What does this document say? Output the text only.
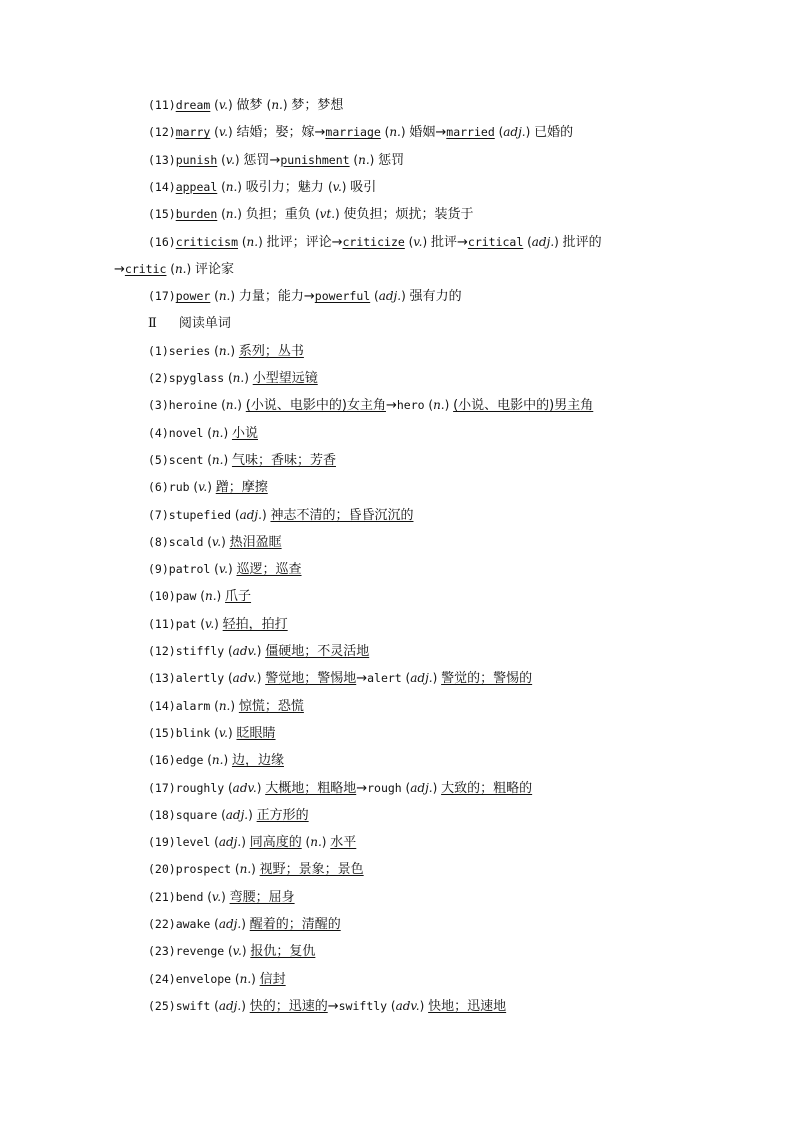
(11)dream (v.) 做梦 (n.) 梦；梦想
(12)marry (v.) 结婚；娶；嫁→marriage (n.) 婚姻→married (adj.) 已婚的
(13)punish (v.) 惩罚→punishment (n.) 惩罚
(14)appeal (n.) 吸引力；魅力 (v.) 吸引
(15)burden (n.) 负担；重负 (vt.) 使负担；烦扰；装货于
(16)criticism (n.) 批评；评论→criticize (v.) 批评→critical (adj.) 批评的
→critic (n.) 评论家
(17)power (n.) 力量；能力→powerful (adj.) 强有力的
Ⅱ 阅读单词
(1)series (n.) 系列；丛书
(2)spyglass (n.) 小型望远镜
(3)heroine (n.) (小说、电影中的)女主角→hero (n.) (小说、电影中的)男主角
(4)novel (n.) 小说
(5)scent (n.) 气味；香味；芳香
(6)rub (v.) 蹭；摩擦
(7)stupefied (adj.) 神志不清的；昏昏沉沉的
(8)scald (v.) 热泪盈眶
(9)patrol (v.) 巡逻；巡查
(10)paw (n.) 爪子
(11)pat (v.) 轻拍，拍打
(12)stiffly (adv.) 僵硬地；不灵活地
(13)alertly (adv.) 警觉地；警惕地→alert (adj.) 警觉的；警惕的
(14)alarm (n.) 惊慌；恐慌
(15)blink (v.) 眨眼睛
(16)edge (n.) 边，边缘
(17)roughly (adv.) 大概地；粗略地→rough (adj.) 大致的；粗略的
(18)square (adj.) 正方形的
(19)level (adj.) 同高度的 (n.) 水平
(20)prospect (n.) 视野；景象；景色
(21)bend (v.) 弯腰；屈身
(22)awake (adj.) 醒着的；清醒的
(23)revenge (v.) 报仇；复仇
(24)envelope (n.) 信封
(25)swift (adj.) 快的；迅速的→swiftly (adv.) 快地；迅速地
